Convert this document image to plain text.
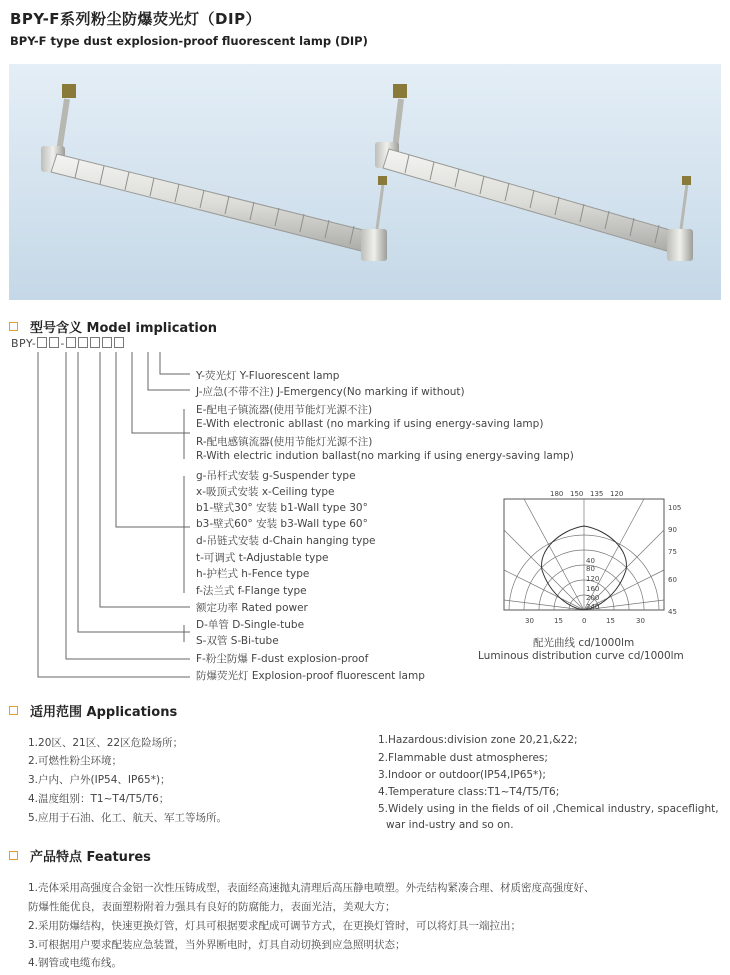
BPY-F系列粉尘防爆荧光灯（DIP）
BPY-F type dust explosion-proof fluorescent lamp (DIP)
型号含义 Model implication
BPY- -
Y-荧光灯 Y-Fluorescent lamp
J-应急(不带不注) J-Emergency(No marking if without)
E-配电子镇流器(使用节能灯光源不注)
E-With electronic abllast (no marking if using energy-saving lamp)
R-配电感镇流器(使用节能灯光源不注)
R-With electric indution ballast(no marking if using energy-saving lamp)
g-吊杆式安装 g-Suspender type
x-吸顶式安装 x-Ceiling type
b1-壁式30° 安装 b1-Wall type 30°
b3-壁式60° 安装 b3-Wall type 60°
d-吊链式安装 d-Chain hanging type
t-可调式 t-Adjustable type
h-护栏式 h-Fence type
f-法兰式 f-Flange type
额定功率 Rated power
D-单管 D-Single-tube
S-双管 S-Bi-tube
F-粉尘防爆 F-dust explosion-proof
防爆荧光灯 Explosion-proof fluorescent lamp
180 150 135 120
105
90
75
60
45
40
80
120
160
200
240
30	15	0	15	30
配光曲线 cd/1000lm
Luminous distribution curve cd/1000lm
适用范围 Applications
1.20区、21区、22区危险场所；
2.可燃性粉尘环境；
3.户内、户外(IP54、IP65*)；
4.温度组别：T1~T4/T5/T6；
5.应用于石油、化工、航天、军工等场所。
1.Hazardous:division zone 20,21,&22;
2.Flammable dust atmospheres;
3.Indoor or outdoor(IP54,IP65*);
4.Temperature class:T1~T4/T5/T6;
5.Widely using in the fields of oil ,Chemical industry, spaceflight,
war ind-ustry and so on.
产品特点 Features
1.壳体采用高强度合金铝一次性压铸成型，表面经高速抛丸清理后高压静电喷塑。外壳结构紧凑合理、材质密度高强度好、
防爆性能优良，表面塑粉附着力强具有良好的防腐能力，表面光洁，美观大方；
2.采用防爆结构，快速更换灯管，灯具可根据要求配成可调节方式，在更换灯管时，可以将灯具一端拉出；
3.可根据用户要求配装应急装置，当外界断电时，灯具自动切换到应急照明状态；
4.钢管或电缆布线。
